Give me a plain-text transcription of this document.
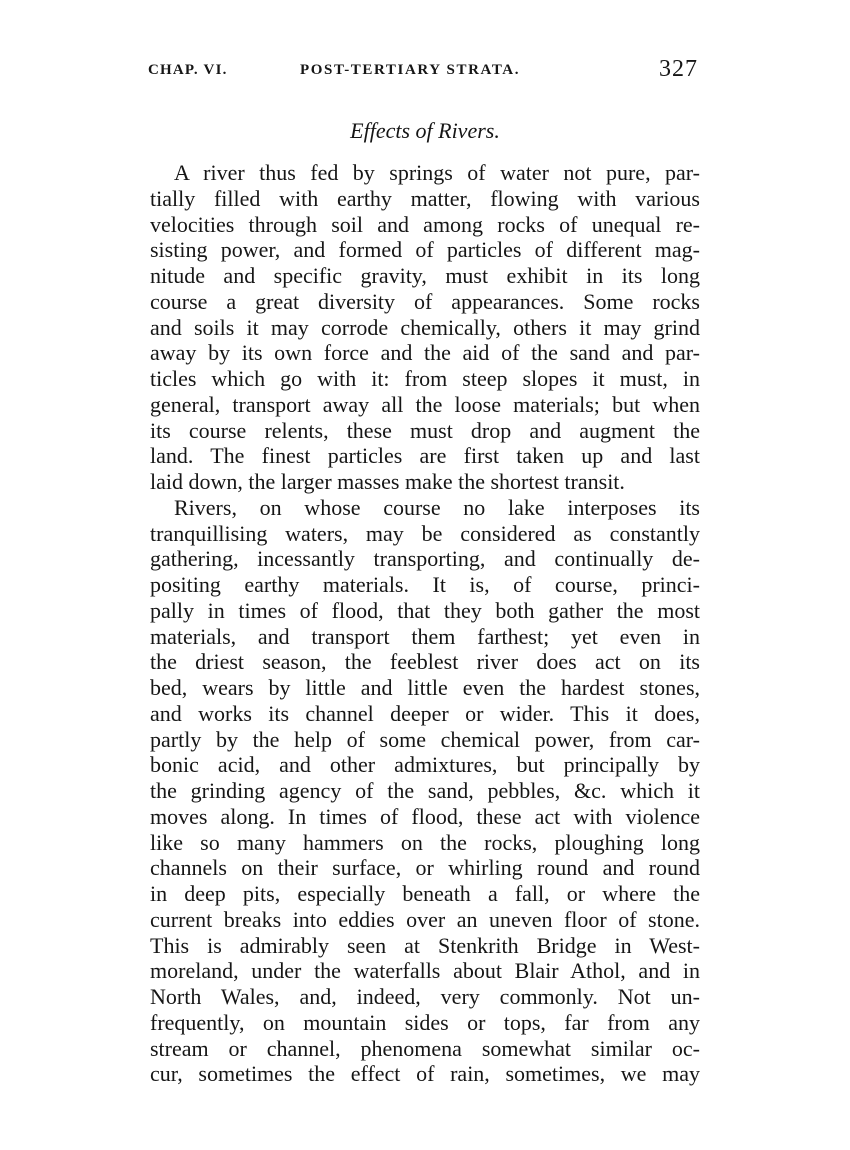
CHAP. VI.	POST-TERTIARY STRATA.	327
Effects of Rivers.
A river thus fed by springs of water not pure, par-
tially filled with earthy matter, flowing with various
velocities through soil and among rocks of unequal re-
sisting power, and formed of particles of different mag-
nitude and specific gravity, must exhibit in its long
course a great diversity of appearances. Some rocks
and soils it may corrode chemically, others it may grind
away by its own force and the aid of the sand and par-
ticles which go with it: from steep slopes it must, in
general, transport away all the loose materials; but when
its course relents, these must drop and augment the
land. The finest particles are first taken up and last
laid down, the larger masses make the shortest transit.
Rivers, on whose course no lake interposes its
tranquillising waters, may be considered as constantly
gathering, incessantly transporting, and continually de-
positing earthy materials. It is, of course, princi-
pally in times of flood, that they both gather the most
materials, and transport them farthest; yet even in
the driest season, the feeblest river does act on its
bed, wears by little and little even the hardest stones,
and works its channel deeper or wider. This it does,
partly by the help of some chemical power, from car-
bonic acid, and other admixtures, but principally by
the grinding agency of the sand, pebbles, &c. which it
moves along. In times of flood, these act with violence
like so many hammers on the rocks, ploughing long
channels on their surface, or whirling round and round
in deep pits, especially beneath a fall, or where the
current breaks into eddies over an uneven floor of stone.
This is admirably seen at Stenkrith Bridge in West-
moreland, under the waterfalls about Blair Athol, and in
North Wales, and, indeed, very commonly. Not un-
frequently, on mountain sides or tops, far from any
stream or channel, phenomena somewhat similar oc-
cur, sometimes the effect of rain, sometimes, we may
